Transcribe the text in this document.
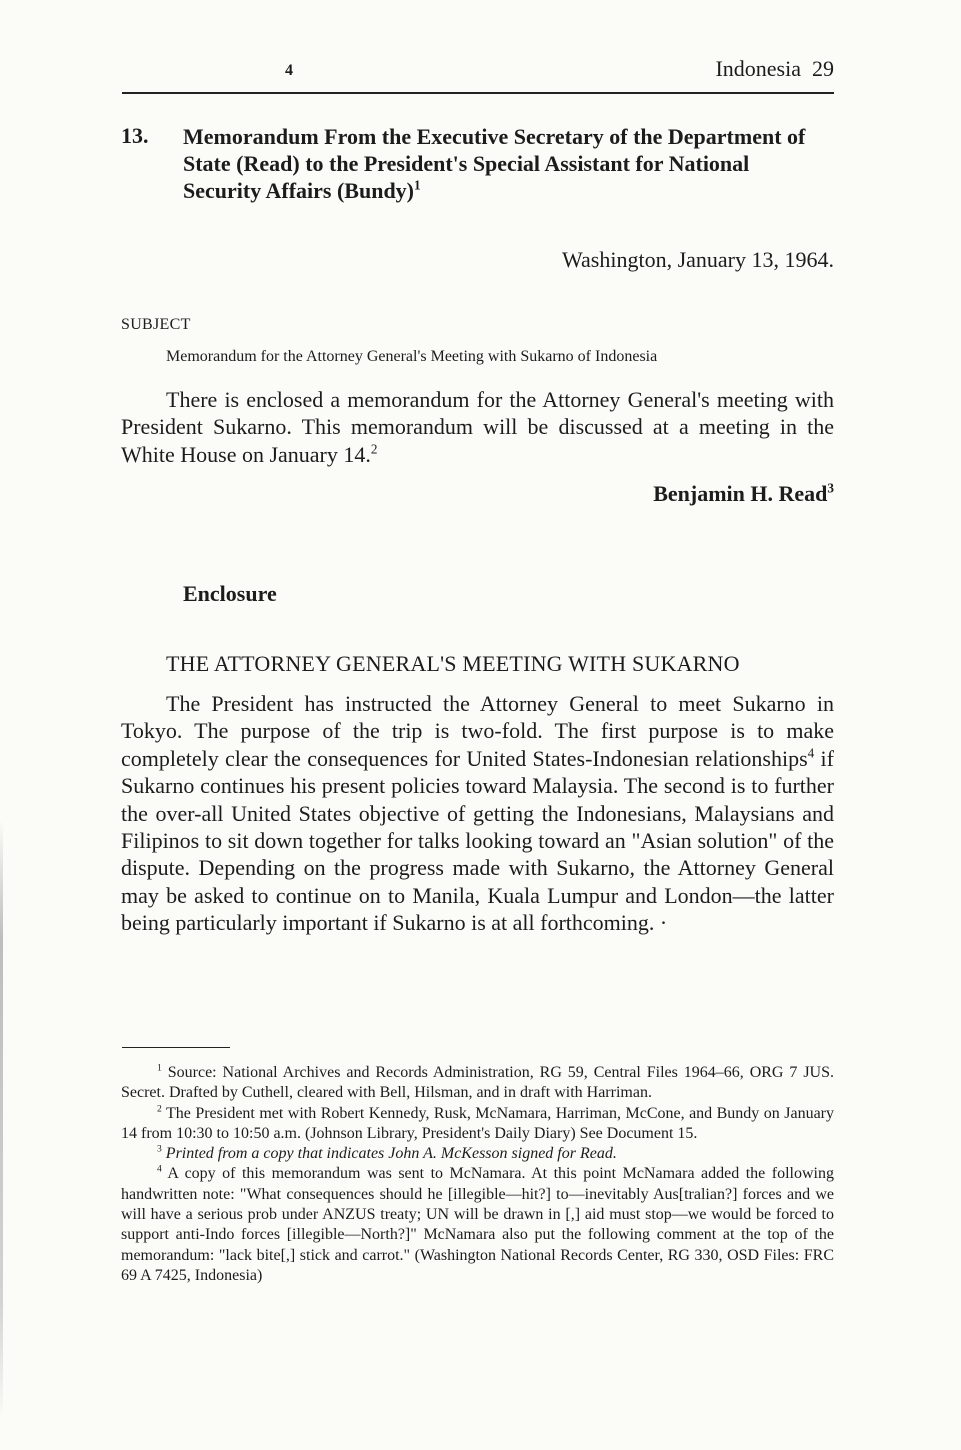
4	Indonesia 29
13. Memorandum From the Executive Secretary of the Department of State (Read) to the President's Special Assistant for National Security Affairs (Bundy)$^1$
Washington, January 13, 1964.
SUBJECT
Memorandum for the Attorney General's Meeting with Sukarno of Indonesia

There is enclosed a memorandum for the Attorney General's meeting with President Sukarno. This memorandum will be discussed at a meeting in the White House on January 14.$^2$

Benjamin H. Read$^3$
Enclosure
THE ATTORNEY GENERAL'S MEETING WITH SUKARNO

The President has instructed the Attorney General to meet Sukarno in Tokyo. The purpose of the trip is two-fold. The first purpose is to make completely clear the consequences for United States-Indonesian relationships$^4$ if Sukarno continues his present policies toward Malaysia. The second is to further the over-all United States objective of getting the Indonesians, Malaysians and Filipinos to sit down together for talks looking toward an "Asian solution" of the dispute. Depending on the progress made with Sukarno, the Attorney General may be asked to continue on to Manila, Kuala Lumpur and London—the latter being particularly important if Sukarno is at all forthcoming. ·

$^1$ Source: National Archives and Records Administration, RG 59, Central Files 1964–66, ORG 7 JUS. Secret. Drafted by Cuthell, cleared with Bell, Hilsman, and in draft with Harriman.

$^2$ The President met with Robert Kennedy, Rusk, McNamara, Harriman, McCone, and Bundy on January 14 from 10:30 to 10:50 a.m. (Johnson Library, President's Daily Diary) See Document 15.

$^3$ Printed from a copy that indicates John A. McKesson signed for Read.

$^4$ A copy of this memorandum was sent to McNamara. At this point McNamara added the following handwritten note: "What consequences should he [illegible—hit?] to—inevitably Aus[tralian?] forces and we will have a serious prob under ANZUS treaty; UN will be drawn in [,] aid must stop—we would be forced to support anti-Indo forces [illegible—North?]" McNamara also put the following comment at the top of the memorandum: "lack bite[,] stick and carrot." (Washington National Records Center, RG 330, OSD Files: FRC 69 A 7425, Indonesia)
